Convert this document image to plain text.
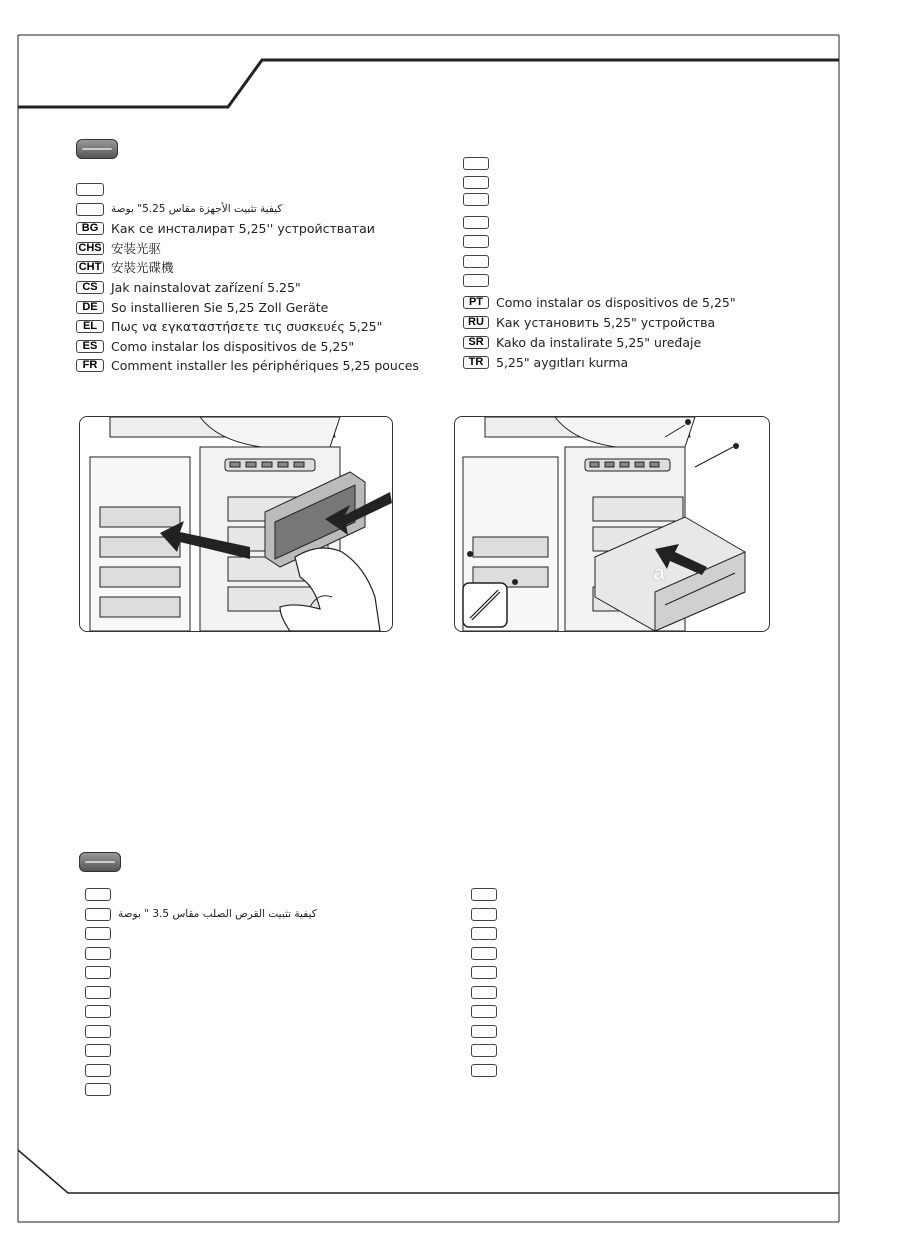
كيفية تثبيت الأجهزة مقاس 5.25" بوصة
BG	Как се инсталират 5,25'' устройстватаи
CHS 安装光驱
CHT 安裝光碟機
CS	Jak nainstalovat zařízení 5.25"
DE	So installieren Sie 5,25 Zoll Geräte
EL	Πως να εγκαταστήσετε τις συσκευές 5,25"
ES	Como instalar los dispositivos de 5,25"
FR	Comment installer les périphériques 5,25 pouces
PT	Como instalar os dispositivos de 5,25"
RU Как установить 5,25" устройства
SR Kako da instalirate 5,25" uređaje
TR	5,25" aygıtları kurma
a
كيفية تثبيت القرص الصلب مقاس 3.5 " بوصة
